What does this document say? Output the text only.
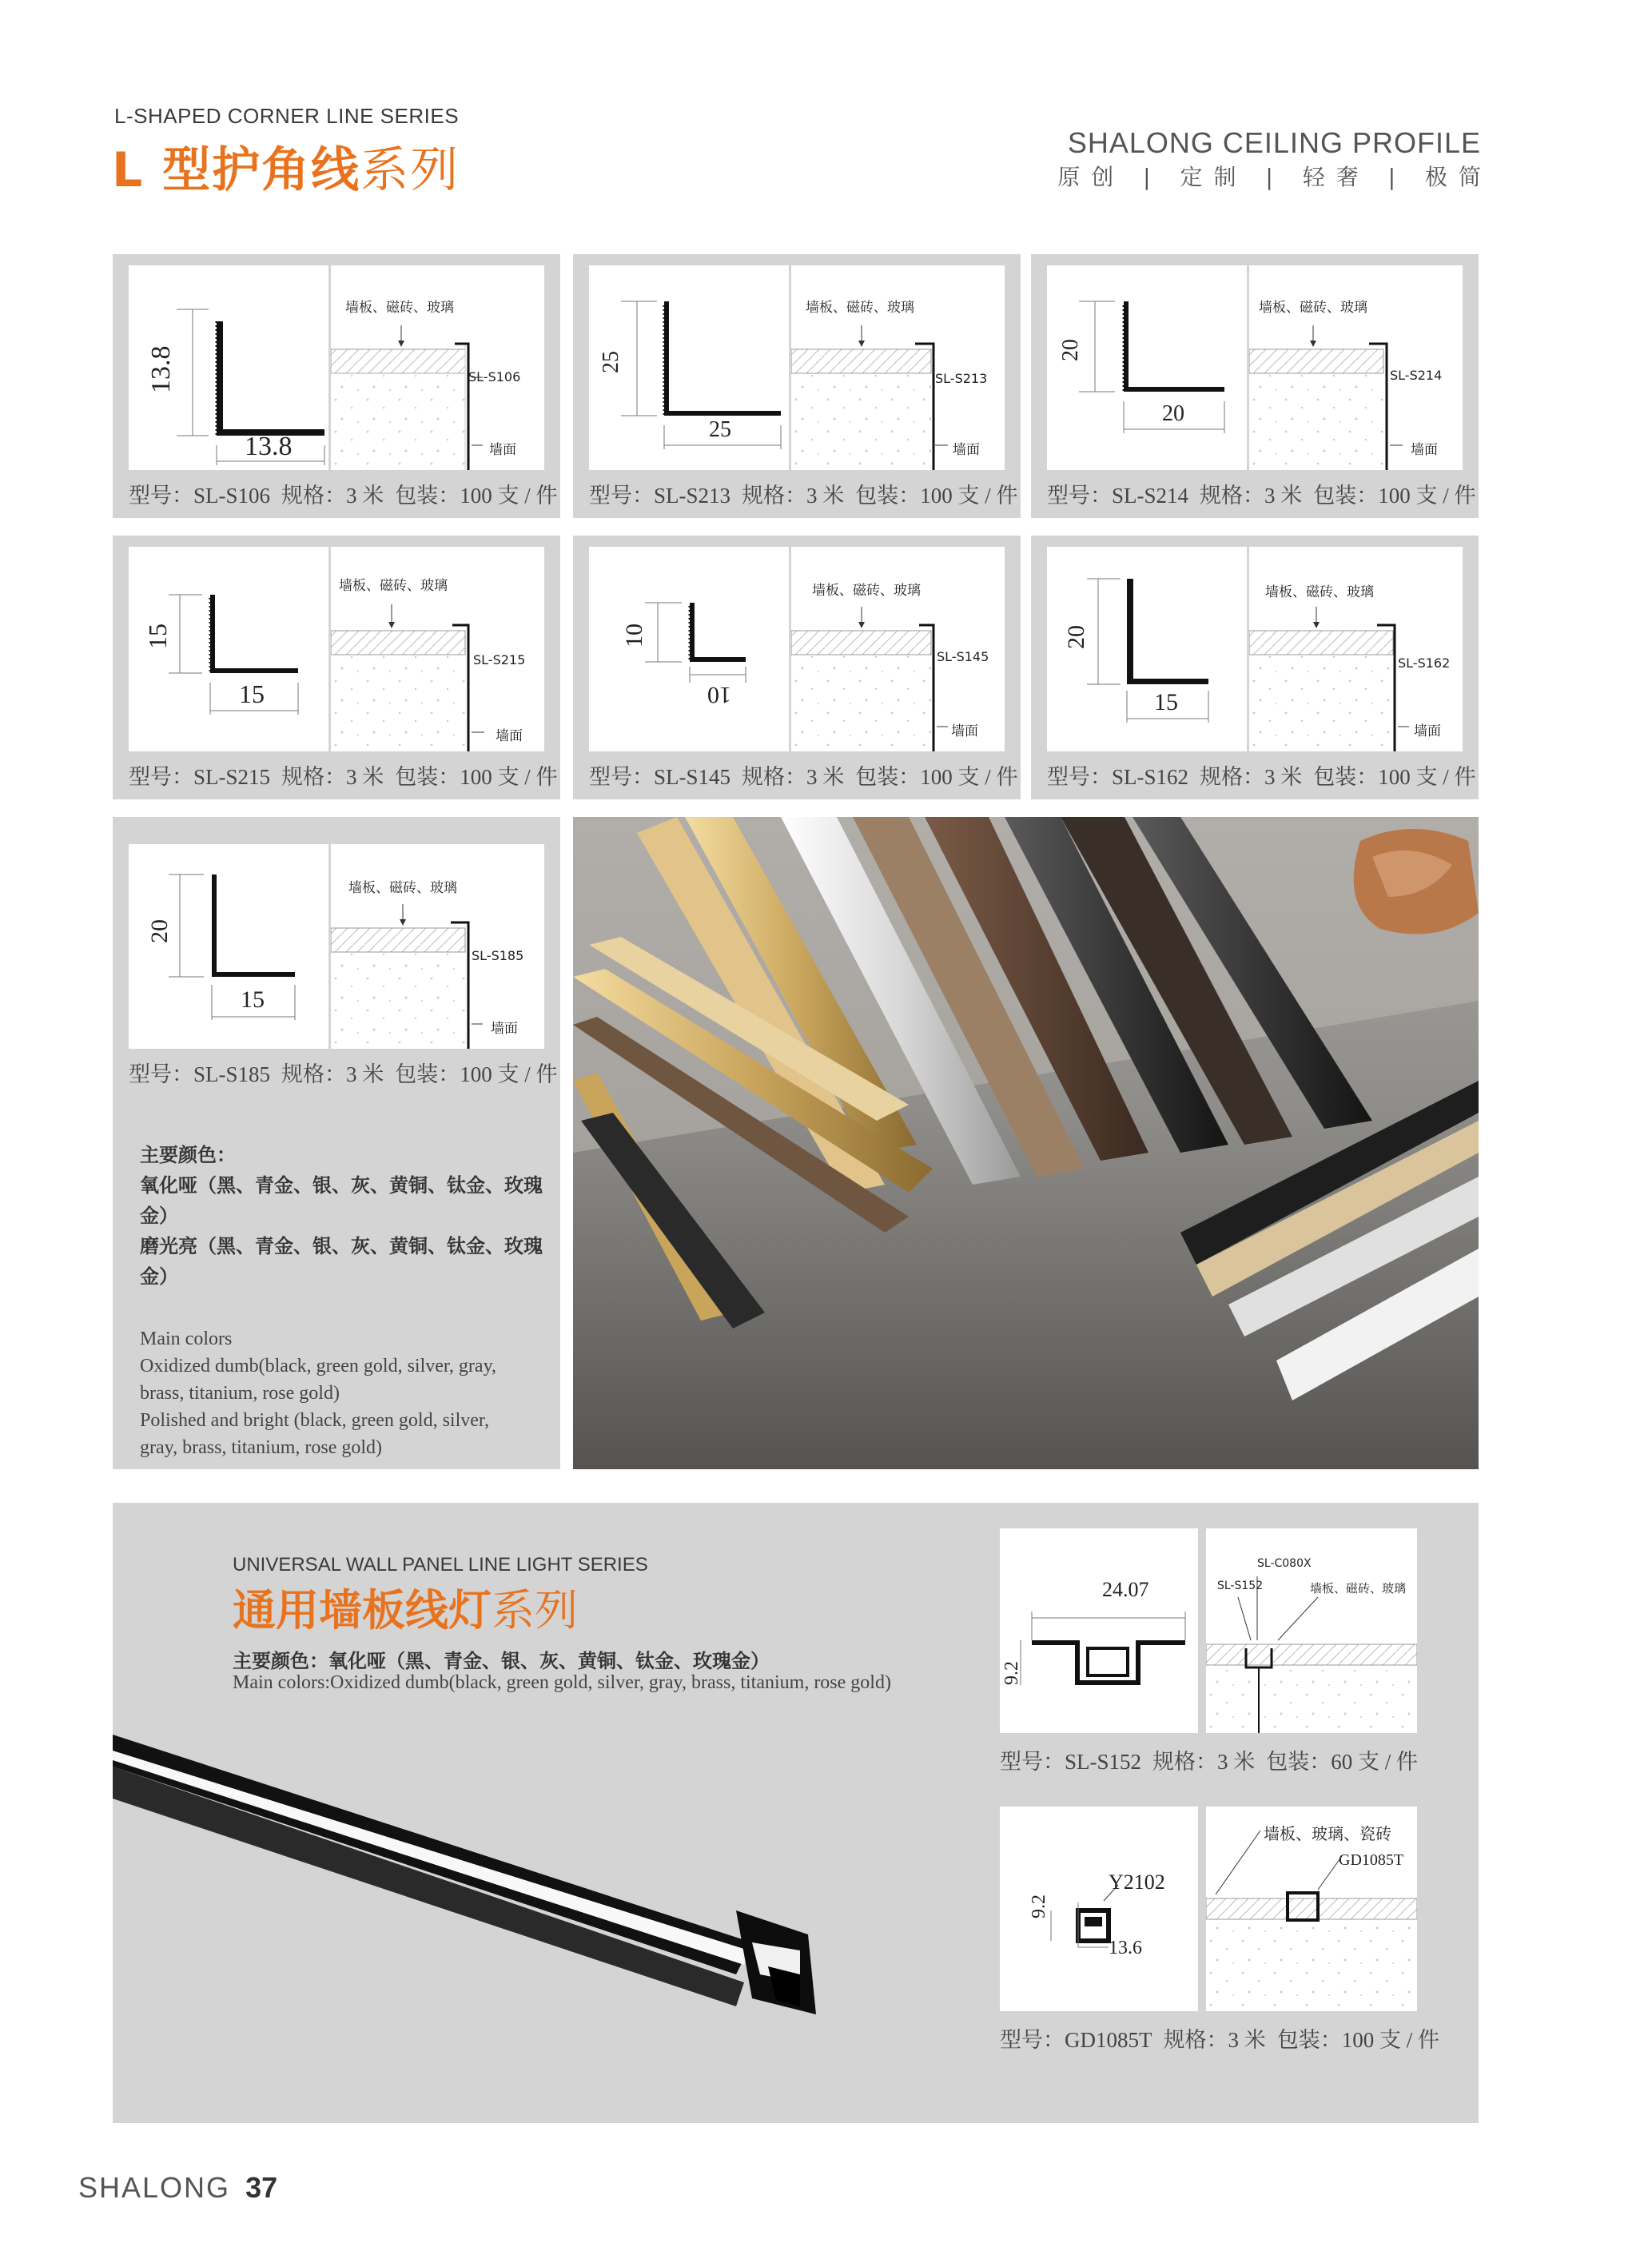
L-SHAPED CORNER LINE SERIES
L 型护角线系列	SHALONG CEILING PROFILE
原创 | 定制 | 轻奢 | 极简
13.8
13.8
墙板、磁砖、玻璃
SL-S106
墙面
型号：SL-S106 规格：3 米 包装：100 支 / 件
25
25
墙板、磁砖、玻璃
SL-S213
墙面
型号：SL-S213 规格：3 米 包装：100 支 / 件
20
20
墙板、磁砖、玻璃
SL-S214
墙面
型号：SL-S214 规格：3 米 包装：100 支 / 件
15
15
墙板、磁砖、玻璃
SL-S215
墙面
型号：SL-S215 规格：3 米 包装：100 支 / 件
10
10
墙板、磁砖、玻璃
SL-S145
墙面
型号：SL-S145 规格：3 米 包装：100 支 / 件
20
15
墙板、磁砖、玻璃
SL-S162
墙面
型号：SL-S162 规格：3 米 包装：100 支 / 件
20
15
墙板、磁砖、玻璃
SL-S185
墙面
型号：SL-S185 规格：3 米 包装：100 支 / 件
主要颜色：
氧化哑（黑、青金、银、灰、黄铜、钛金、玫瑰金）
磨光亮（黑、青金、银、灰、黄铜、钛金、玫瑰金）
Main colors
Oxidized dumb(black, green gold, silver, gray,
brass, titanium, rose gold)
Polished and bright (black, green gold, silver,
gray, brass, titanium, rose gold)
UNIVERSAL WALL PANEL LINE LIGHT SERIES
通用墙板线灯系列
主要颜色：氧化哑（黑、青金、银、灰、黄铜、钛金、玫瑰金）
Main colors:Oxidized dumb(black, green gold, silver, gray, brass, titanium, rose gold)
24.07
9.2
SL-C080X
SL-S152	墙板、磁砖、玻璃
型号：SL-S152 规格：3 米 包装：60 支 / 件
Y2102
9.2
13.6
墙板、玻璃、瓷砖
GD1085T
型号：GD1085T 规格：3 米 包装：100 支 / 件
SHALONG 37
